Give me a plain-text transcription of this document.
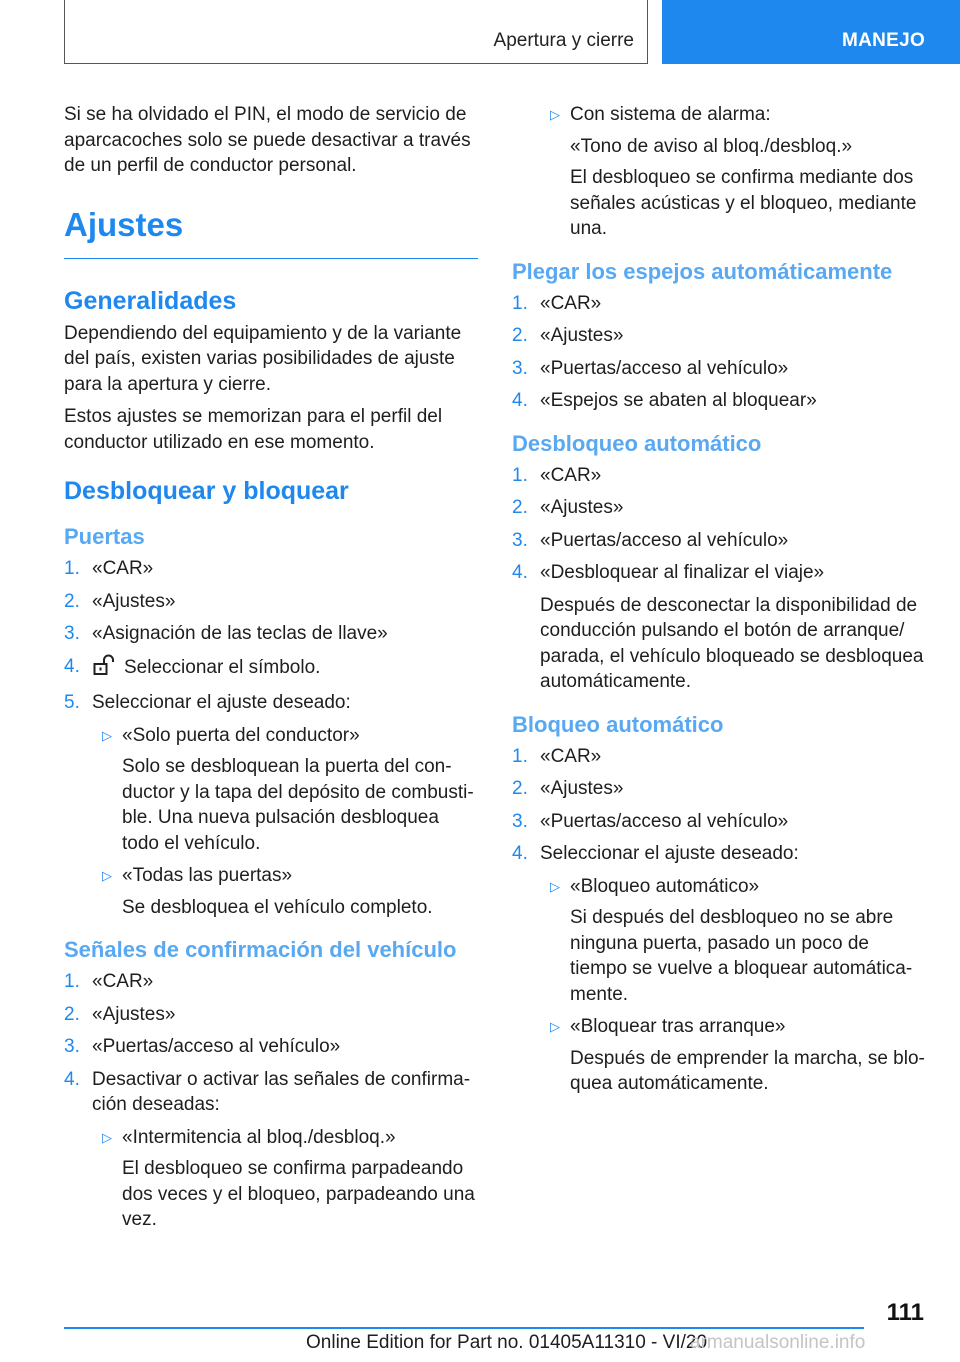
Apertura y cierre	MANEJO

Si se ha olvidado el PIN, el modo de servicio de aparcacoches solo se puede desactivar a través de un perfil de conductor personal.

Ajustes
Generalidades

Dependiendo del equipamiento y de la variante del país, existen varias posibilidades de ajuste para la apertura y cierre.

Estos ajustes se memorizan para el perfil del conductor utilizado en ese momento.

Desbloquear y bloquear
Puertas
1. «CAR»
2. «Ajustes»
3. «Asignación de las teclas de llave»
4. Seleccionar el símbolo.
5. Seleccionar el ajuste deseado:
▷ «Solo puerta del conductor»

Solo se desbloquean la puerta del con-ductor y la tapa del depósito de combusti-ble. Una nueva pulsación desbloquea todo el vehículo.

▷ «Todas las puertas»

Se desbloquea el vehículo completo.

Señales de confirmación del vehículo
1. «CAR»
2. «Ajustes»
3. «Puertas/acceso al vehículo»
4. Desactivar o activar las señales de confirma-ción deseadas:
▷ «Intermitencia al bloq./desbloq.»

El desbloqueo se confirma parpadeando dos veces y el bloqueo, parpadeando una vez.

▷ Con sistema de alarma:

«Tono de aviso al bloq./desbloq.»

El desbloqueo se confirma mediante dos señales acústicas y el bloqueo, mediante una.

Plegar los espejos automáticamente
1. «CAR»
2. «Ajustes»
3. «Puertas/acceso al vehículo»
4. «Espejos se abaten al bloquear»
Desbloqueo automático
1. «CAR»
2. «Ajustes»
3. «Puertas/acceso al vehículo»
4. «Desbloquear al finalizar el viaje»

Después de desconectar la disponibilidad de conducción pulsando el botón de arranque/ parada, el vehículo bloqueado se desbloquea automáticamente.

Bloqueo automático
1. «CAR»
2. «Ajustes»
3. «Puertas/acceso al vehículo»
4. Seleccionar el ajuste deseado:
▷ «Bloqueo automático»

Si después del desbloqueo no se abre ninguna puerta, pasado un poco de tiempo se vuelve a bloquear automática-mente.

▷ «Bloquear tras arranque»

Después de emprender la marcha, se blo-quea automáticamente.

111
Online Edition for Part no. 01405A11310 - VI/20
armanualsonline.info
